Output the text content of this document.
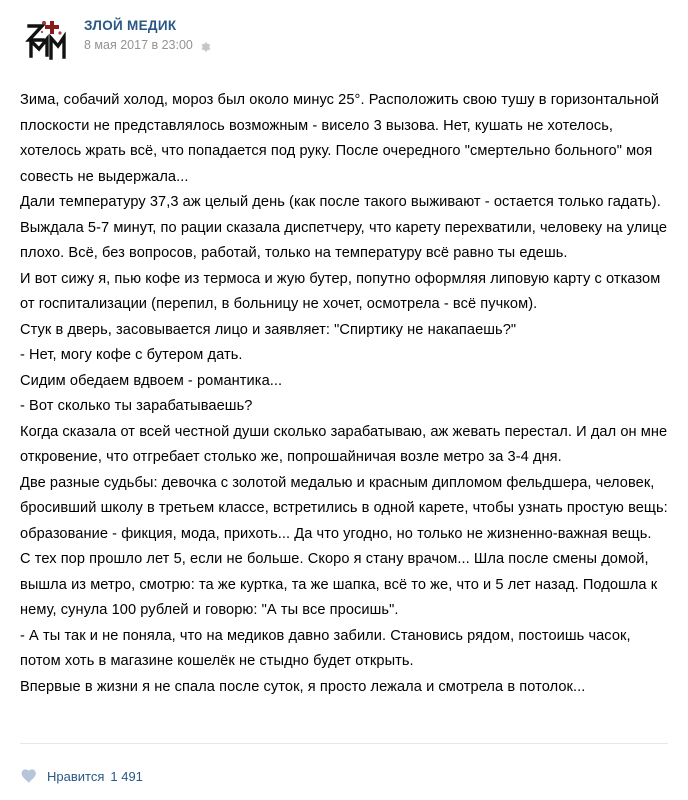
ЗЛОЙ МЕДИК
8 мая 2017 в 23:00

Зима, собачий холод, мороз был около минус 25°. Расположить свою тушу в горизонтальной плоскости не представлялось возможным - висело 3 вызова. Нет, кушать не хотелось, хотелось жрать всё, что попадается под руку. После очередного "смертельно больного" моя совесть не выдержала...

Дали температуру 37,3 аж целый день (как после такого выживают - остается только гадать). Выждала 5-7 минут, по рации сказала диспетчеру, что карету перехватили, человеку на улице плохо. Всё, без вопросов, работай, только на температуру всё равно ты едешь.

И вот сижу я, пью кофе из термоса и жую бутер, попутно оформляя липовую карту с отказом от госпитализации (перепил, в больницу не хочет, осмотрела - всё пучком).

Стук в дверь, засовывается лицо и заявляет: "Спиртику не накапаешь?"

- Нет, могу кофе с бутером дать.

Сидим обедаем вдвоем - романтика...

- Вот сколько ты зарабатываешь?

Когда сказала от всей честной души сколько зарабатываю, аж жевать перестал. И дал он мне откровение, что отгребает столько же, попрошайничая возле метро за 3-4 дня.

Две разные судьбы: девочка с золотой медалью и красным дипломом фельдшера, человек, бросивший школу в третьем классе, встретились в одной карете, чтобы узнать простую вещь: образование - фикция, мода, прихоть... Да что угодно, но только не жизненно-важная вещь.

С тех пор прошло лет 5, если не больше. Скоро я стану врачом... Шла после смены домой, вышла из метро, смотрю: та же куртка, та же шапка, всё то же, что и 5 лет назад. Подошла к нему, сунула 100 рублей и говорю: "А ты все просишь".

- А ты так и не поняла, что на медиков давно забили. Становись рядом, постоишь часок, потом хоть в магазине кошелёк не стыдно будет открыть.

Впервые в жизни я не спала после суток, я просто лежала и смотрела в потолок...

Нравится 1 491
